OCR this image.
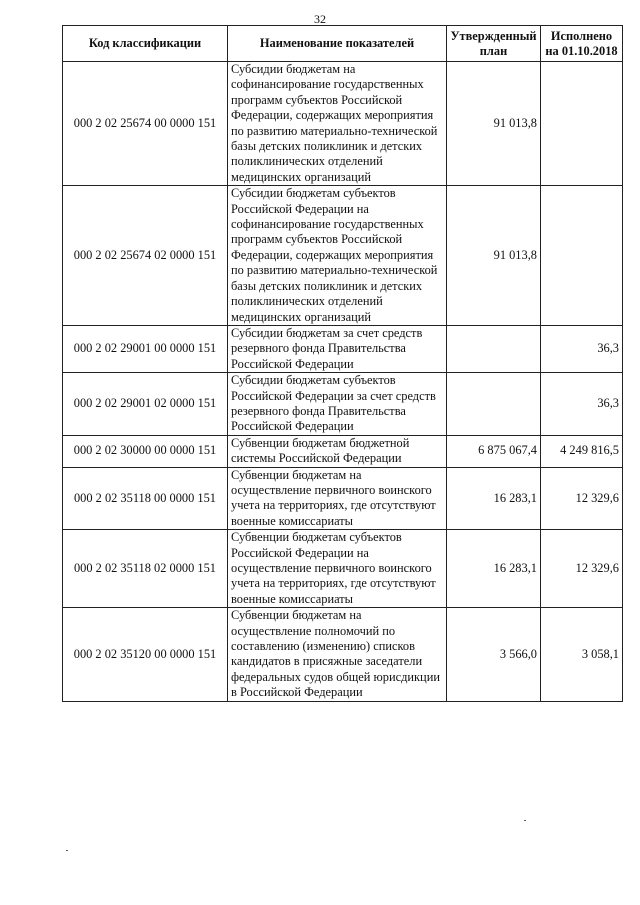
32
Код классификации	Наименование показателей	Утвержденный план	Исполнено на 01.10.2018
000 2 02 25674 00 0000 151	Субсидии бюджетам на софинансирование государственных программ субъектов Российской Федерации, содержащих мероприятия по развитию материально-технической базы детских поликлиник и детских поликлинических отделений медицинских организаций	91 013,8	
000 2 02 25674 02 0000 151	Субсидии бюджетам субъектов Российской Федерации на софинансирование государственных программ субъектов Российской Федерации, содержащих мероприятия по развитию материально-технической базы детских поликлиник и детских поликлинических отделений медицинских организаций	91 013,8	
000 2 02 29001 00 0000 151	Субсидии бюджетам за счет средств резервного фонда Правительства Российской Федерации		36,3
000 2 02 29001 02 0000 151	Субсидии бюджетам субъектов Российской Федерации за счет средств резервного фонда Правительства Российской Федерации		36,3
000 2 02 30000 00 0000 151	Субвенции бюджетам бюджетной системы Российской Федерации	6 875 067,4	4 249 816,5
000 2 02 35118 00 0000 151	Субвенции бюджетам на осуществление первичного воинского учета на территориях, где отсутствуют военные комиссариаты	16 283,1	12 329,6
000 2 02 35118 02 0000 151	Субвенции бюджетам субъектов Российской Федерации на осуществление первичного воинского учета на территориях, где отсутствуют военные комиссариаты	16 283,1	12 329,6
000 2 02 35120 00 0000 151	Субвенции бюджетам на осуществление полномочий по составлению (изменению) списков кандидатов в присяжные заседатели федеральных судов общей юрисдикции в Российской Федерации	3 566,0	3 058,1
